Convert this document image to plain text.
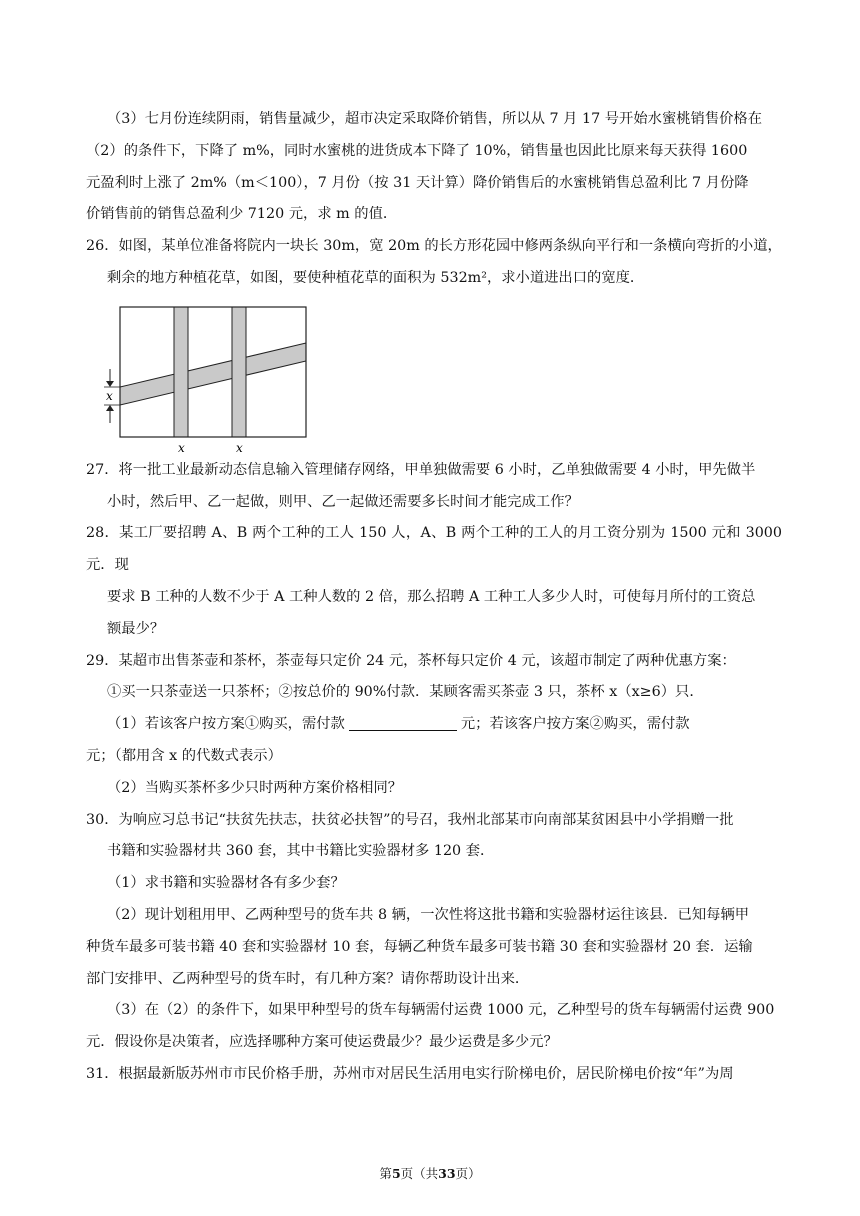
（3）七月份连续阴雨，销售量减少，超市决定采取降价销售，所以从 7 月 17 号开始水蜜桃销售价格在
（2）的条件下，下降了 m%，同时水蜜桃的进货成本下降了 10%，销售量也因此比原来每天获得 1600
元盈利时上涨了 2m%（m＜100），7 月份（按 31 天计算）降价销售后的水蜜桃销售总盈利比 7 月份降
价销售前的销售总盈利少 7120 元，求 m 的值．
26．如图，某单位准备将院内一块长 30m，宽 20m 的长方形花园中修两条纵向平行和一条横向弯折的小道，
剩余的地方种植花草，如图，要使种植花草的面积为 532m²，求小道进出口的宽度．
x
x	x
27．将一批工业最新动态信息输入管理储存网络，甲单独做需要 6 小时，乙单独做需要 4 小时，甲先做半
小时，然后甲、乙一起做，则甲、乙一起做还需要多长时间才能完成工作？
28．某工厂要招聘 A、B 两个工种的工人 150 人，A、B 两个工种的工人的月工资分别为 1500 元和 3000 元．现
要求 B 工种的人数不少于 A 工种人数的 2 倍，那么招聘 A 工种工人多少人时，可使每月所付的工资总
额最少？
29．某超市出售茶壶和茶杯，茶壶每只定价 24 元，茶杯每只定价 4 元，该超市制定了两种优惠方案：
①买一只茶壶送一只茶杯；②按总价的 90%付款．某顾客需买茶壶 3 只，茶杯 x（x≥6）只．
（1）若该客户按方案①购买，需付款	元；若该客户按方案②购买，需付款
元；（都用含 x 的代数式表示）
（2）当购买茶杯多少只时两种方案价格相同？
30．为响应习总书记“扶贫先扶志，扶贫必扶智”的号召，我州北部某市向南部某贫困县中小学捐赠一批
书籍和实验器材共 360 套，其中书籍比实验器材多 120 套．
（1）求书籍和实验器材各有多少套？
（2）现计划租用甲、乙两种型号的货车共 8 辆，一次性将这批书籍和实验器材运往该县．已知每辆甲
种货车最多可装书籍 40 套和实验器材 10 套，每辆乙种货车最多可装书籍 30 套和实验器材 20 套．运输
部门安排甲、乙两种型号的货车时，有几种方案？请你帮助设计出来．
（3）在（2）的条件下，如果甲种型号的货车每辆需付运费 1000 元，乙种型号的货车每辆需付运费 900
元．假设你是决策者，应选择哪种方案可使运费最少？最少运费是多少元？
31．根据最新版苏州市市民价格手册，苏州市对居民生活用电实行阶梯电价，居民阶梯电价按“年”为周
第5页（共33页）
